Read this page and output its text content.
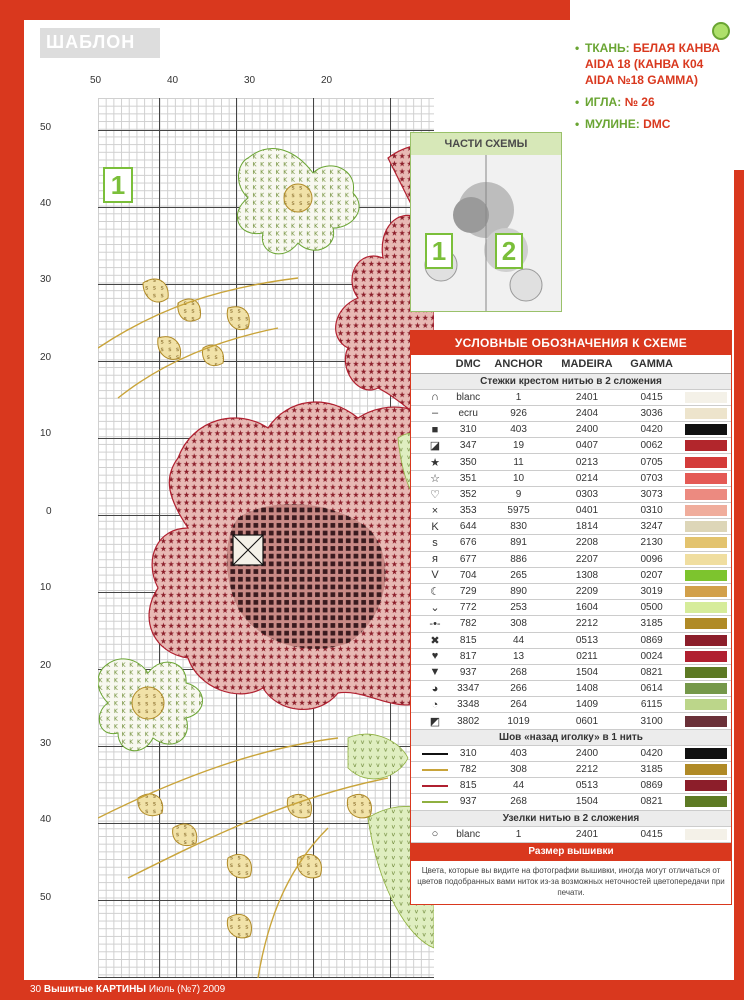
ШАБЛОН
50	40	30	20
50
40
30
20
10
0
10
20
30
40
50
1
• ТКАНЬ: БЕЛАЯ КАНВА AIDA 18 (КАНВА К04 AIDA №18 GAMMA)
• ИГЛА: № 26
• МУЛИНЕ: DMC
ЧАСТИ СХЕМЫ
1 2
УСЛОВНЫЕ ОБОЗНАЧЕНИЯ К СХЕМЕ
	DMC	ANCHOR	MADEIRA	GAMMA	
Стежки крестом нитью в 2 сложения					
∩	blanc	1	2401	0415	

–	ecru	926	2404	3036	

■	310	403	2400	0420	

◪	347	19	0407	0062	

★	350	11	0213	0705	

☆	351	10	0214	0703	

♡	352	9	0303	3073	

×	353	5975	0401	0310	

K	644	830	1814	3247	

s	676	891	2208	2130	

я	677	886	2207	0096	

V	704	265	1308	0207	

☾	729	890	2209	3019	

⌄	772	253	1604	0500	

-•-	782	308	2212	3185	

✖	815	44	0513	0869	

♥	817	13	0211	0024	

▼	937	268	1504	0821	

◕	3347	266	1408	0614	

◔	3348	264	1409	6115	

◩	3802	1019	0601	3100	

Шов «назад иголку» в 1 нить					
	310	403	2400	0420	

	782	308	2212	3185	

	815	44	0513	0869	

	937	268	1504	0821	

Узелки нитью в 2 сложения					
○	blanc	1	2401	0415	
Размер вышивки
Цвета, которые вы видите на фотографии вышивки, иногда могут отличаться от цветов подобранных вами ниток из-за возможных неточностей цветопередачи при печати.
30 Вышитые КАРТИНЫ Июль (№7) 2009
Страна Мам.ру
